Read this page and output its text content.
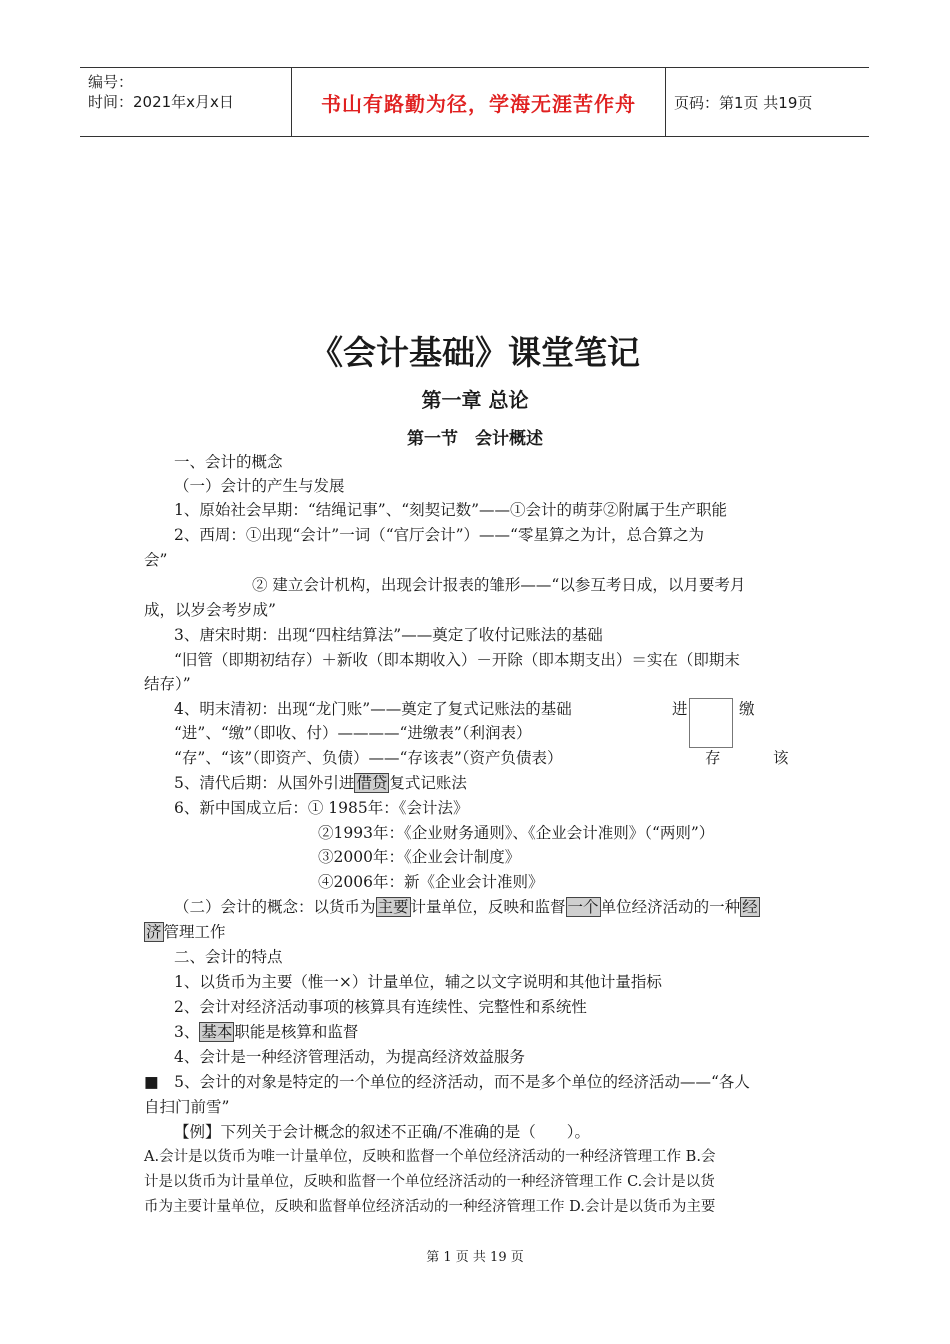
编号：
时间：2021年x月x日	书山有路勤为径，学海无涯苦作舟	页码：第1页 共19页
《会计基础》课堂笔记
第一章 总论
第一节　会计概述
一、会计的概念
（一）会计的产生与发展
1、原始社会早期：“结绳记事”、“刻契记数”——①会计的萌芽②附属于生产职能
2、西周：①出现“会计”一词（“官厅会计”）——“零星算之为计，总合算之为
会”
② 建立会计机构，出现会计报表的雏形——“以参互考日成，以月要考月
成，以岁会考岁成”
3、唐宋时期：出现“四柱结算法”——奠定了收付记账法的基础
“旧管（即期初结存）＋新收（即本期收入）－开除（即本期支出）＝实在（即期末
结存）”
4、明末清初：出现“龙门账”——奠定了复式记账法的基础
“进”、“缴”（即收、付）————“进缴表”（利润表）
“存”、“该”（即资产、负债）——“存该表”（资产负债表）
进	缴
存	该
5、清代后期：从国外引进 借贷 复式记账法
6、新中国成立后：① 1985年：《会计法》
②1993年：《企业财务通则》、《企业会计准则》（“两则”）
③2000年：《企业会计制度》
④2006年：新《企业会计准则》
（二）会计的概念：以货币为 主要 计量单位，反映和监督 一个 单位经济活动的一种 经
济 管理工作
二、会计的特点
1、以货币为主要（惟一×）计量单位，辅之以文字说明和其他计量指标
2、会计对经济活动事项的核算具有连续性、完整性和系统性
3、 基本 职能是核算和监督
4、会计是一种经济管理活动，为提高经济效益服务
■　5、会计的对象是特定的一个单位的经济活动，而不是多个单位的经济活动——“各人
自扫门前雪”
【例】下列关于会计概念的叙述不正确/不准确的是（　　）。
A.会计是以货币为唯一计量单位，反映和监督一个单位经济活动的一种经济管理工作 B.会
计是以货币为计量单位，反映和监督一个单位经济活动的一种经济管理工作 C.会计是以货
币为主要计量单位，反映和监督单位经济活动的一种经济管理工作 D.会计是以货币为主要
第 1 页 共 19 页
